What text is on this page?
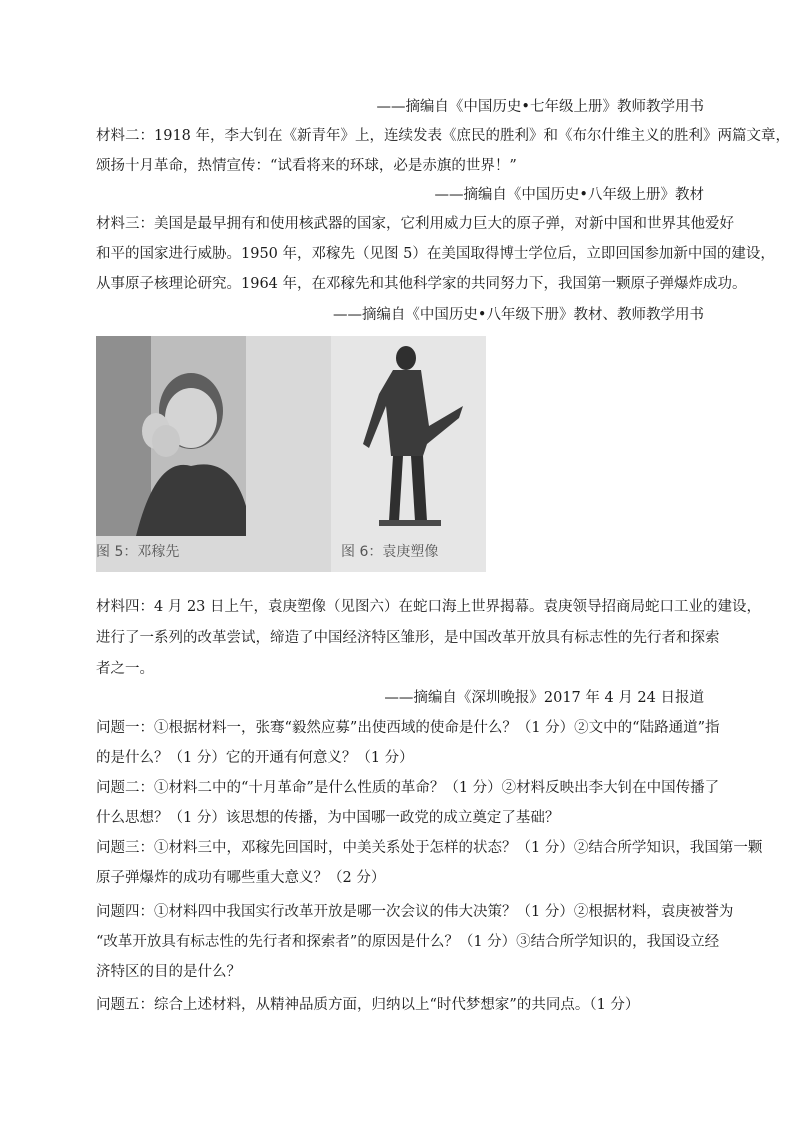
——摘编自《中国历史•七年级上册》教师教学用书
材料二：1918 年，李大钊在《新青年》上，连续发表《庶民的胜利》和《布尔什维主义的胜利》两篇文章，
颂扬十月革命，热情宣传：“试看将来的环球，必是赤旗的世界！”
——摘编自《中国历史•八年级上册》教材
材料三：美国是最早拥有和使用核武器的国家，它利用威力巨大的原子弹，对新中国和世界其他爱好
和平的国家进行威胁。1950 年，邓稼先（见图 5）在美国取得博士学位后，立即回国参加新中国的建设，
从事原子核理论研究。1964 年，在邓稼先和其他科学家的共同努力下，我国第一颗原子弹爆炸成功。
——摘编自《中国历史•八年级下册》教材、教师教学用书
图 5：邓稼先	图 6：袁庚塑像
材料四：4 月 23 日上午，袁庚塑像（见图六）在蛇口海上世界揭幕。袁庚领导招商局蛇口工业的建设，
进行了一系列的改革尝试，缔造了中国经济特区雏形，是中国改革开放具有标志性的先行者和探索
者之一。
——摘编自《深圳晚报》2017 年 4 月 24 日报道
问题一：①根据材料一，张骞“毅然应募”出使西域的使命是什么？（1 分）②文中的“陆路通道”指
的是什么？（1 分）它的开通有何意义？（1 分）
问题二：①材料二中的“十月革命”是什么性质的革命？（1 分）②材料反映出李大钊在中国传播了
什么思想？（1 分）该思想的传播，为中国哪一政党的成立奠定了基础？
问题三：①材料三中，邓稼先回国时，中美关系处于怎样的状态？（1 分）②结合所学知识，我国第一颗
原子弹爆炸的成功有哪些重大意义？（2 分）
问题四：①材料四中我国实行改革开放是哪一次会议的伟大决策？（1 分）②根据材料，袁庚被誉为
“改革开放具有标志性的先行者和探索者”的原因是什么？（1 分）③结合所学知识的，我国设立经
济特区的目的是什么？
问题五：综合上述材料，从精神品质方面，归纳以上“时代梦想家”的共同点。（1 分）
